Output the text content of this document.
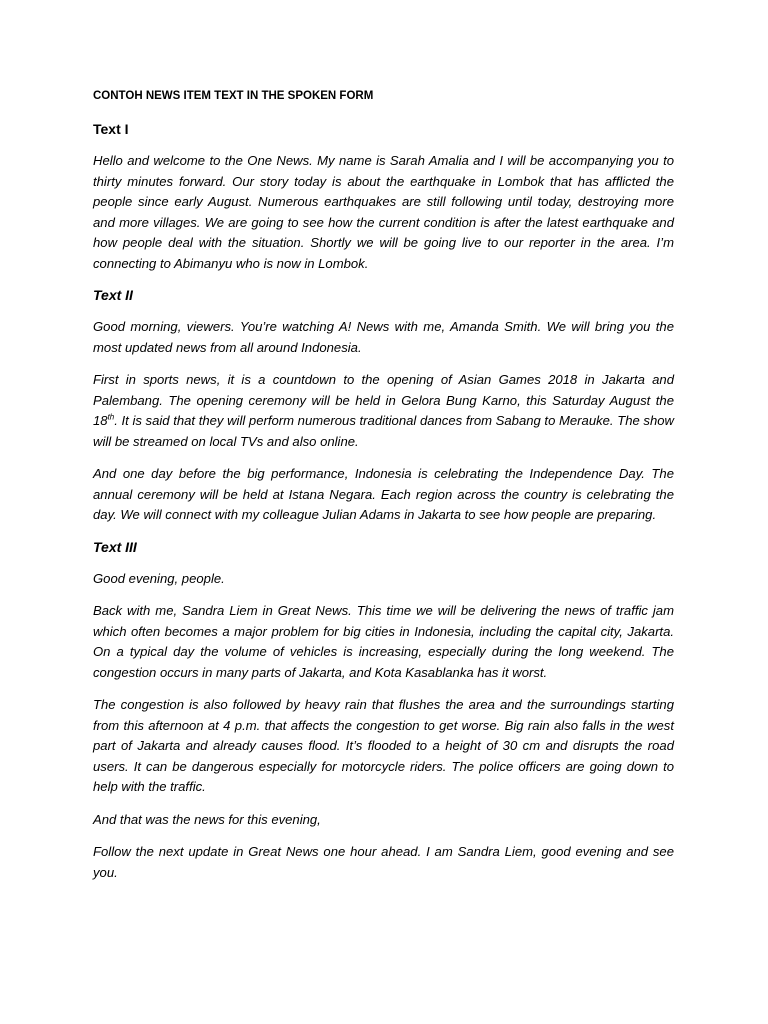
CONTOH NEWS ITEM TEXT IN THE SPOKEN FORM
Text I

Hello and welcome to the One News. My name is Sarah Amalia and I will be accompanying you to thirty minutes forward. Our story today is about the earthquake in Lombok that has afflicted the people since early August. Numerous earthquakes are still following until today, destroying more and more villages. We are going to see how the current condition is after the latest earthquake and how people deal with the situation. Shortly we will be going live to our reporter in the area. I’m connecting to Abimanyu who is now in Lombok.

Text II

Good morning, viewers. You’re watching A! News with me, Amanda Smith. We will bring you the most updated news from all around Indonesia.

First in sports news, it is a countdown to the opening of Asian Games 2018 in Jakarta and Palembang. The opening ceremony will be held in Gelora Bung Karno, this Saturday August the 18th. It is said that they will perform numerous traditional dances from Sabang to Merauke. The show will be streamed on local TVs and also online.

And one day before the big performance, Indonesia is celebrating the Independence Day. The annual ceremony will be held at Istana Negara. Each region across the country is celebrating the day. We will connect with my colleague Julian Adams in Jakarta to see how people are preparing.

Text III

Good evening, people.

Back with me, Sandra Liem in Great News. This time we will be delivering the news of traffic jam which often becomes a major problem for big cities in Indonesia, including the capital city, Jakarta. On a typical day the volume of vehicles is increasing, especially during the long weekend. The congestion occurs in many parts of Jakarta, and Kota Kasablanka has it worst.

The congestion is also followed by heavy rain that flushes the area and the surroundings starting from this afternoon at 4 p.m. that affects the congestion to get worse. Big rain also falls in the west part of Jakarta and already causes flood. It’s flooded to a height of 30 cm and disrupts the road users. It can be dangerous especially for motorcycle riders. The police officers are going down to help with the traffic.

And that was the news for this evening,

Follow the next update in Great News one hour ahead. I am Sandra Liem, good evening and see you.
